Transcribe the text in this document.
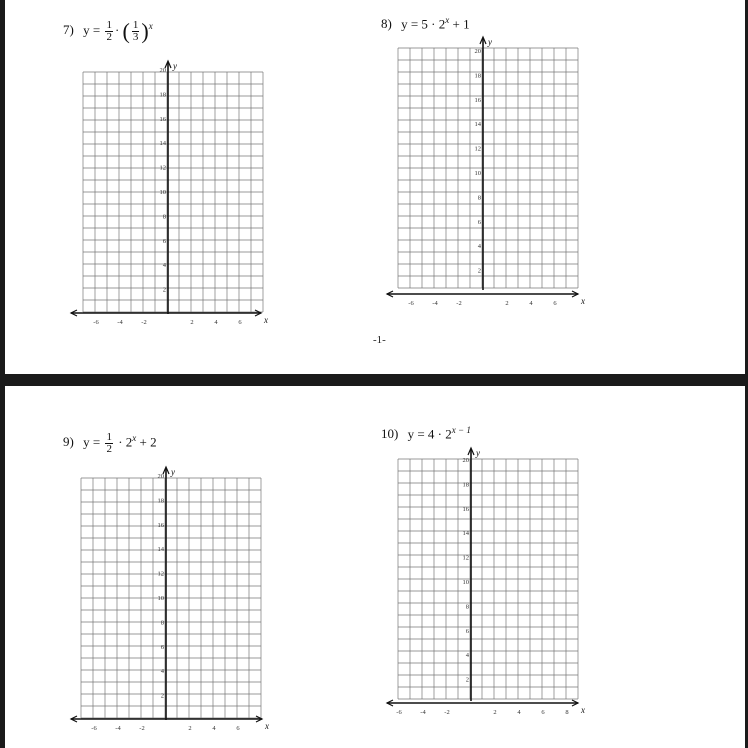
7) $y = \frac{1}{2}$ · ( $\frac{1}{3} )^x$	8) $y = 5 \cdot 2^x + 1$
y
x
2
4
6
8
10
12
14
16
18
20
-6	-4	-2	2	4	6
y
x
2
4
6
8
10
12
14
16
18
20
-6	-4	-2	2	4	6
-1-
9) $y = \frac{1}{2} \cdot 2^x + 2$
10) $y = 4 \cdot 2^{x - 1}$
y
x
2
4
6
8
10
12
14
16
18
20
-6	-4	-2	2	4	6
y
x
2
4
6
8
10
12
14
16
18
20
-6	-4	-2	2	4	6	8
